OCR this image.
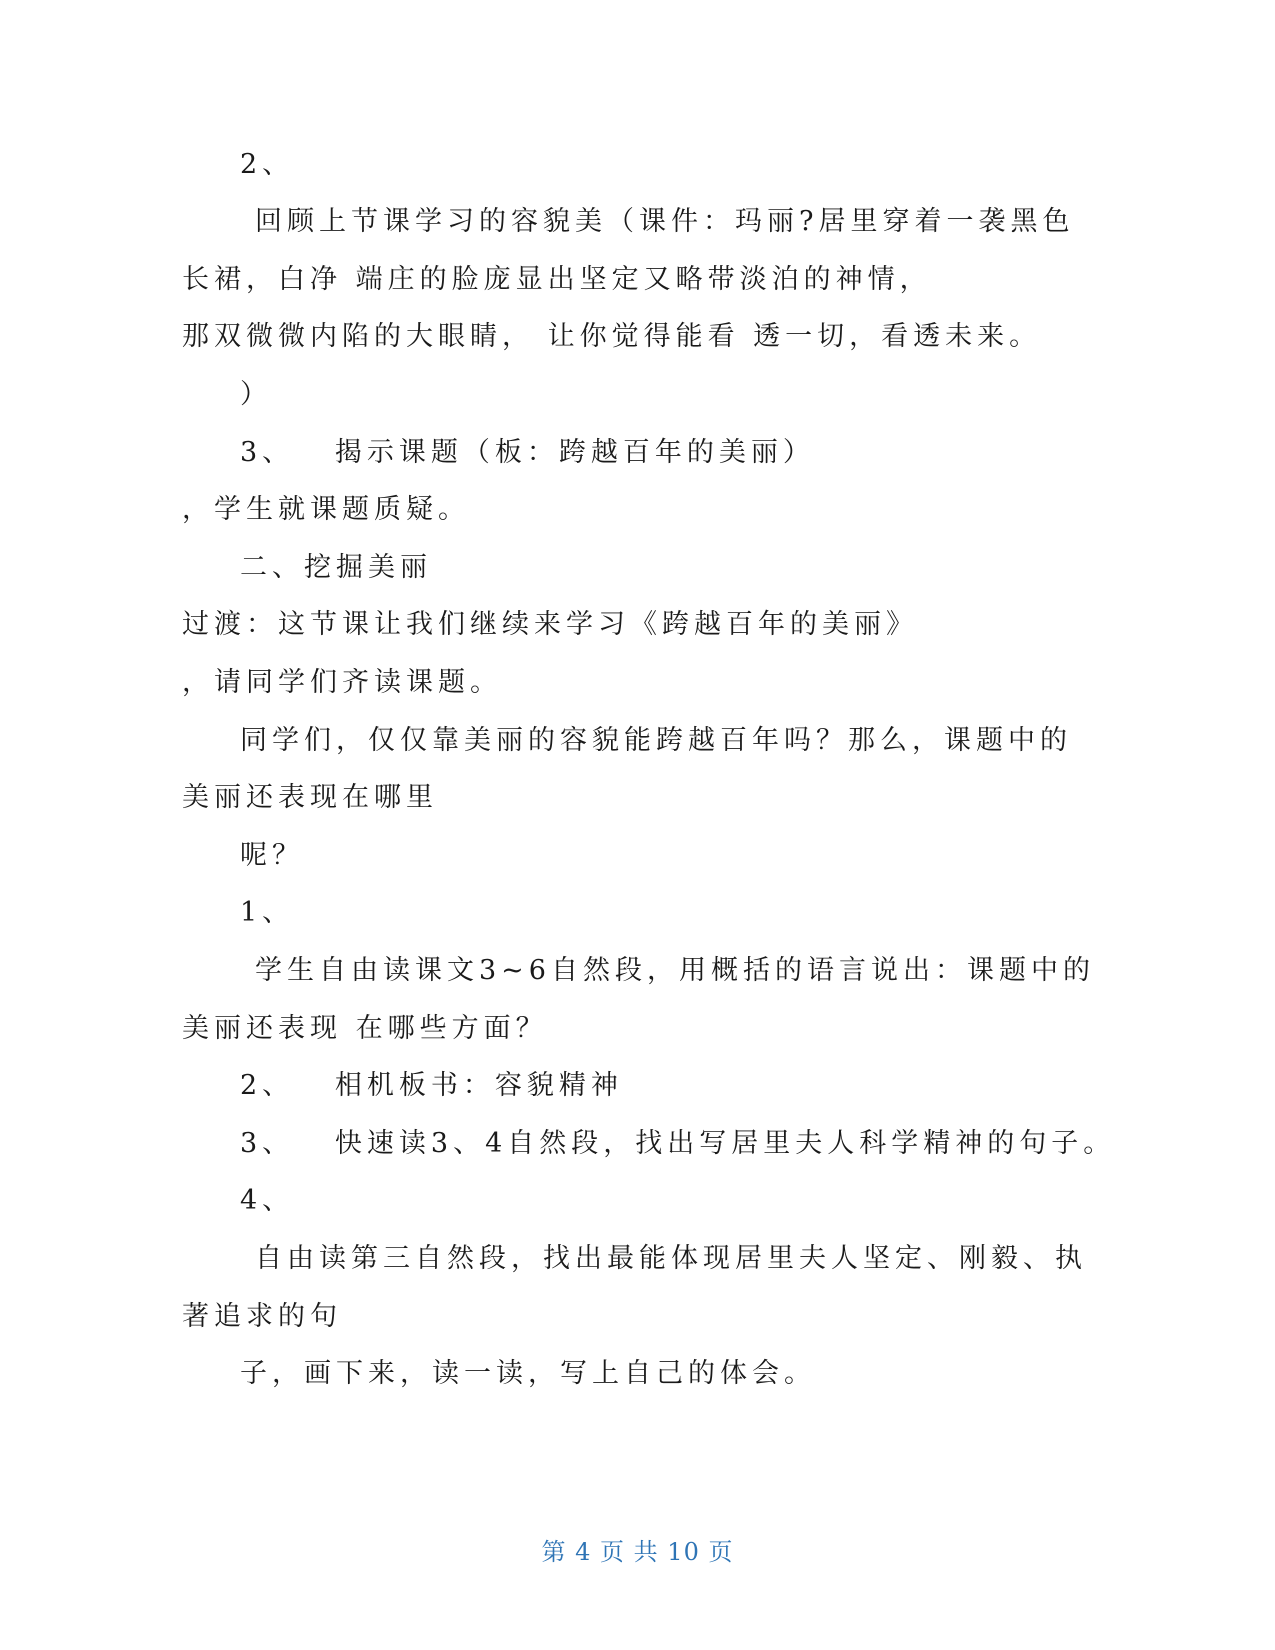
2、
回顾上节课学习的容貌美（课件：玛丽?居里穿着一袭黑色
长裙，白净 端庄的脸庞显出坚定又略带淡泊的神情，
那双微微内陷的大眼睛， 让你觉得能看 透一切，看透未来。
）
3、   揭示课题（板：跨越百年的美丽）
，学生就课题质疑。
二、挖掘美丽
过渡：这节课让我们继续来学习《跨越百年的美丽》
，请同学们齐读课题。
同学们，仅仅靠美丽的容貌能跨越百年吗？那么，课题中的
美丽还表现在哪里
呢？
1、
学生自由读课文3~6自然段，用概括的语言说出：课题中的
美丽还表现 在哪些方面？
2、   相机板书：容貌精神
3、   快速读3、4自然段，找出写居里夫人科学精神的句子。
4、
自由读第三自然段，找出最能体现居里夫人坚定、刚毅、执
著追求的句
子，画下来，读一读，写上自己的体会。
第 4 页 共 10 页
